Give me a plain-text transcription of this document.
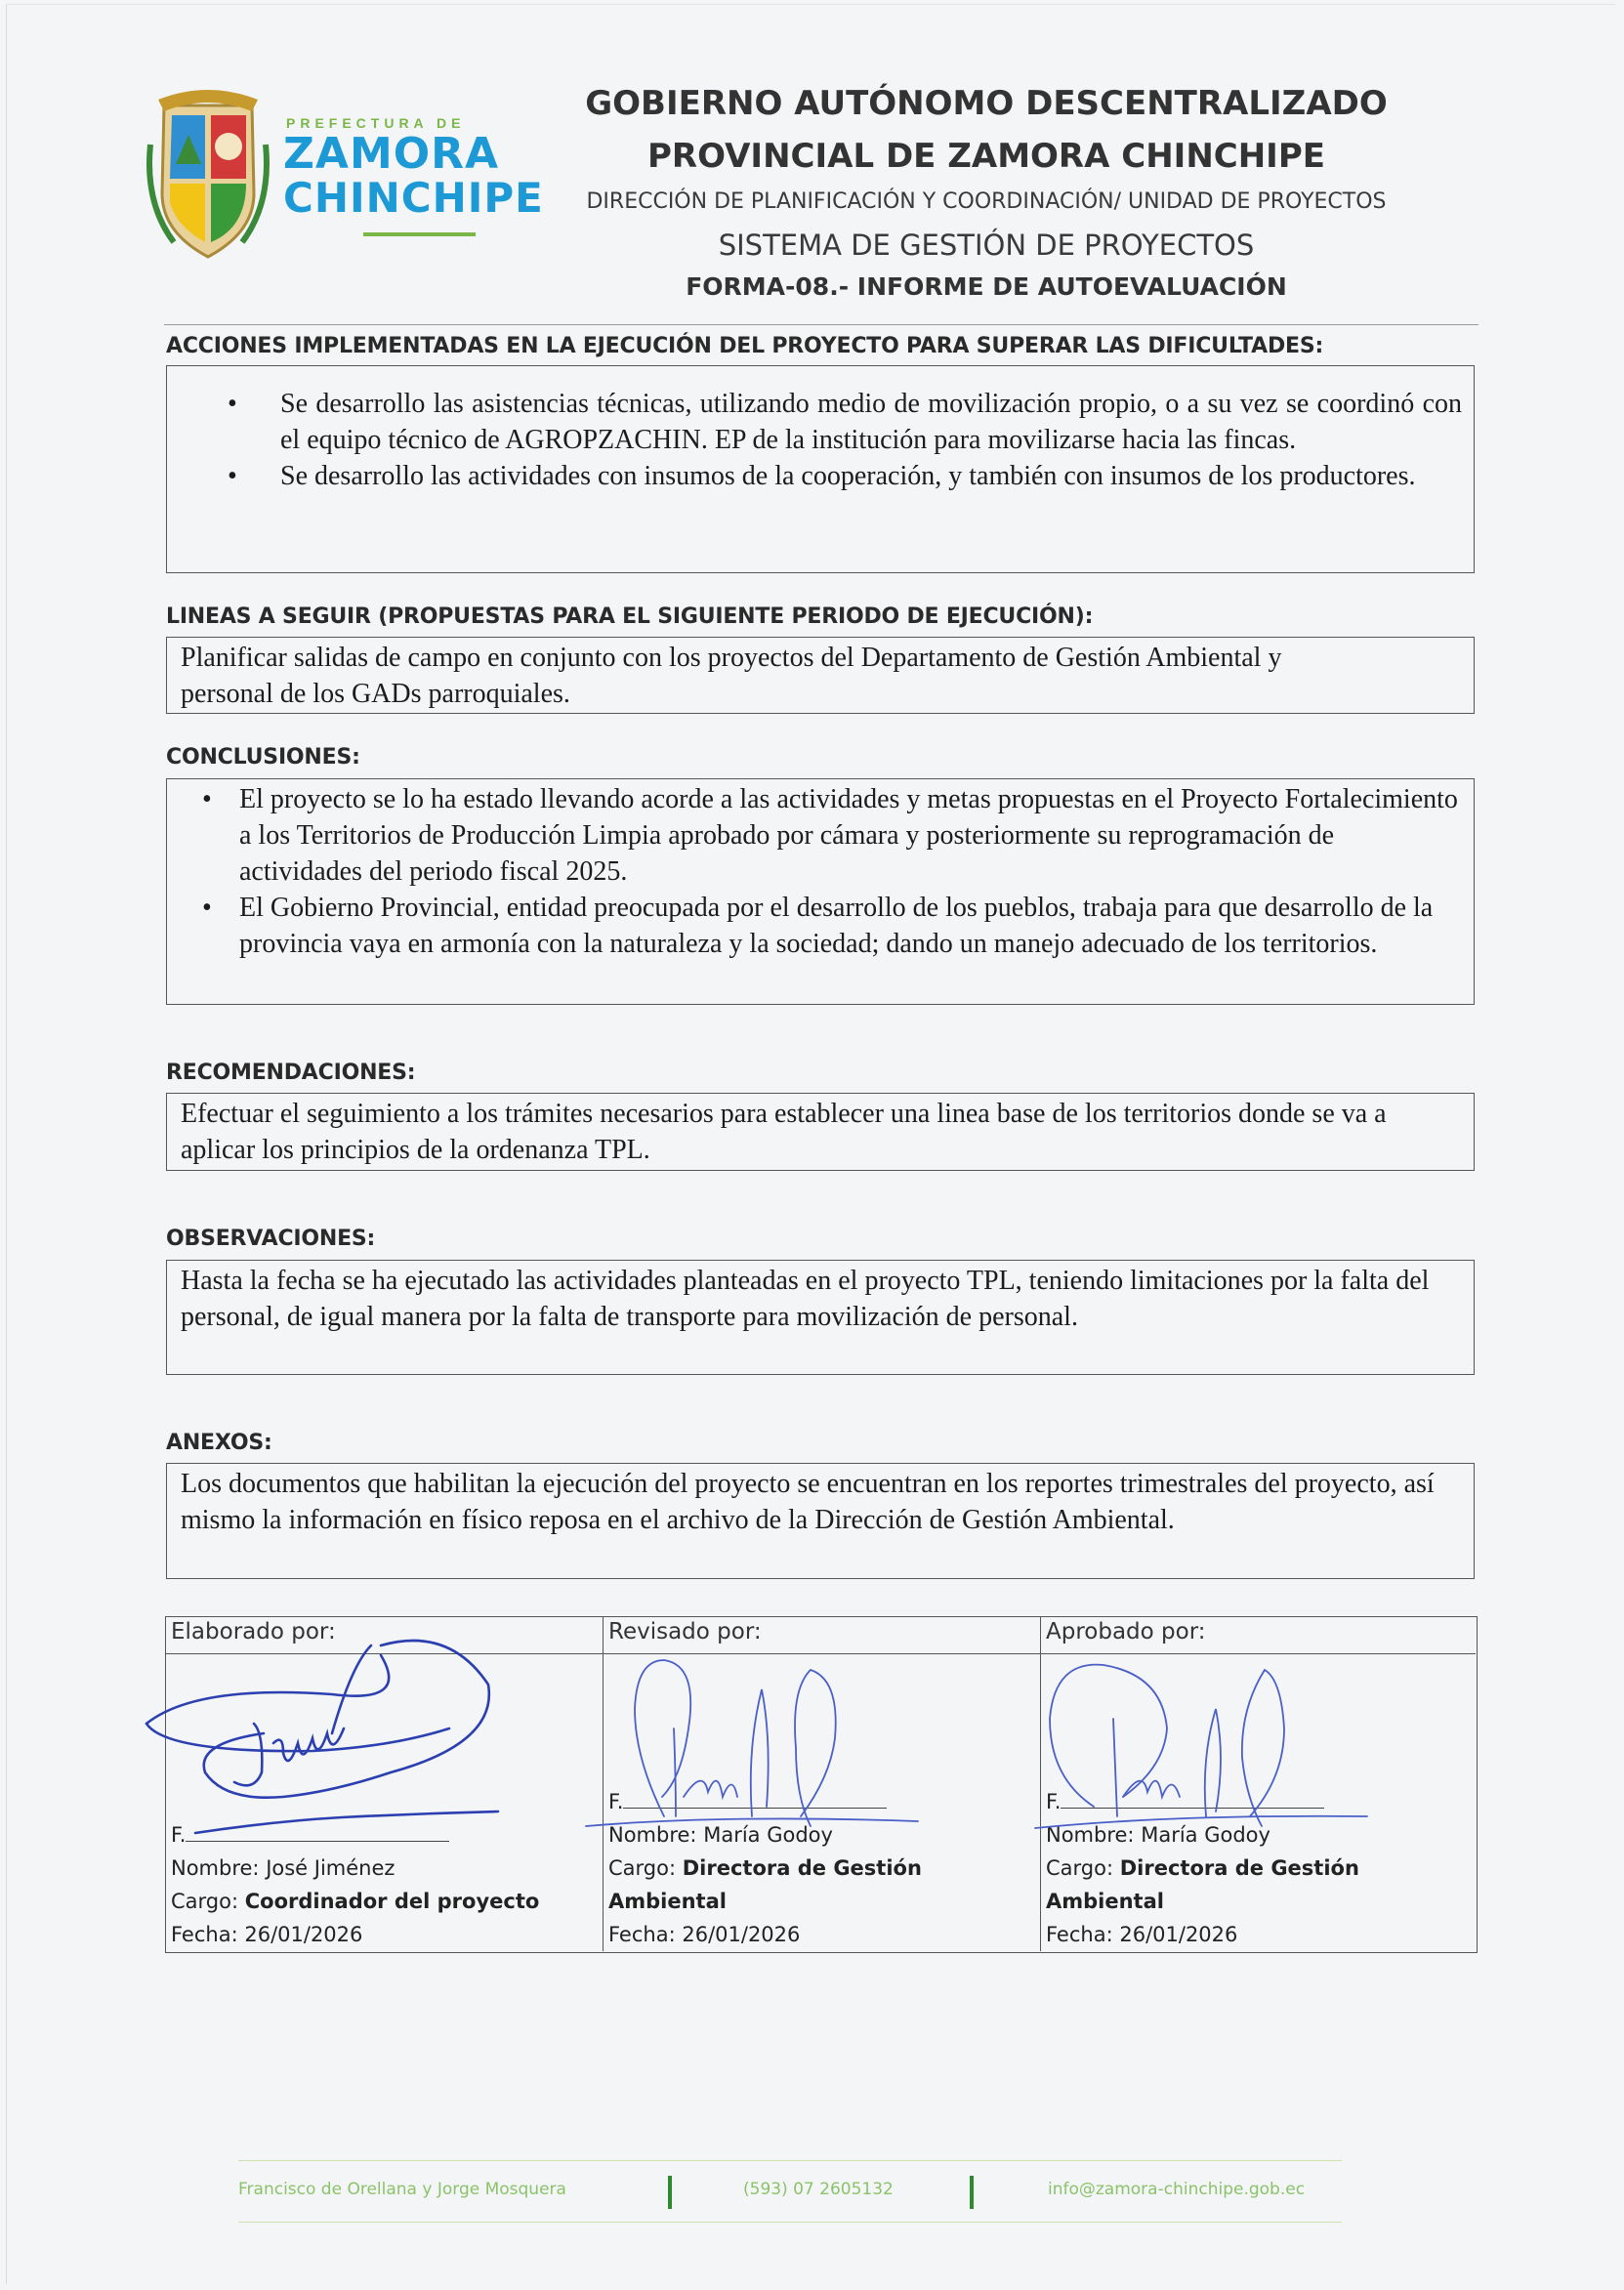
PREFECTURA DE
ZAMORA
CHINCHIPE
GOBIERNO AUTÓNOMO DESCENTRALIZADO
PROVINCIAL DE ZAMORA CHINCHIPE
DIRECCIÓN DE PLANIFICACIÓN Y COORDINACIÓN/ UNIDAD DE PROYECTOS
SISTEMA DE GESTIÓN DE PROYECTOS
FORMA-08.- INFORME DE AUTOEVALUACIÓN
ACCIONES IMPLEMENTADAS EN LA EJECUCIÓN DEL PROYECTO PARA SUPERAR LAS DIFICULTADES:
• Se desarrollo las asistencias técnicas, utilizando medio de movilización propio, o a su vez se coordinó con el equipo técnico de AGROPZACHIN. EP de la institución para movilizarse hacia las fincas.
• Se desarrollo las actividades con insumos de la cooperación, y también con insumos de los productores.
LINEAS A SEGUIR (PROPUESTAS PARA EL SIGUIENTE PERIODO DE EJECUCIÓN):

Planificar salidas de campo en conjunto con los proyectos del Departamento de Gestión Ambiental y personal de los GADs parroquiales.

CONCLUSIONES:
• El proyecto se lo ha estado llevando acorde a las actividades y metas propuestas en el Proyecto Fortalecimiento a los Territorios de Producción Limpia aprobado por cámara y posteriormente su reprogramación de actividades del periodo fiscal 2025.
• El Gobierno Provincial, entidad preocupada por el desarrollo de los pueblos, trabaja para que desarrollo de la provincia vaya en armonía con la naturaleza y la sociedad; dando un manejo adecuado de los territorios.
RECOMENDACIONES:

Efectuar el seguimiento a los trámites necesarios para establecer una linea base de los territorios donde se va a aplicar los principios de la ordenanza TPL.

OBSERVACIONES:

Hasta la fecha se ha ejecutado las actividades planteadas en el proyecto TPL, teniendo limitaciones por la falta del personal, de igual manera por la falta de transporte para movilización de personal.

ANEXOS:

Los documentos que habilitan la ejecución del proyecto se encuentran en los reportes trimestrales del proyecto, así mismo la información en físico reposa en el archivo de la Dirección de Gestión Ambiental.

Elaborado por:
F.
Nombre: José Jiménez
Cargo: Coordinador del proyecto
Fecha: 26/01/2026
Revisado por:
F.
Nombre: María Godoy
Cargo: Directora de Gestión
Ambiental
Fecha: 26/01/2026
Aprobado por:
F.
Nombre: María Godoy
Cargo: Directora de Gestión
Ambiental
Fecha: 26/01/2026
Francisco de Orellana y Jorge Mosquera	(593) 07 2605132	info@zamora-chinchipe.gob.ec
